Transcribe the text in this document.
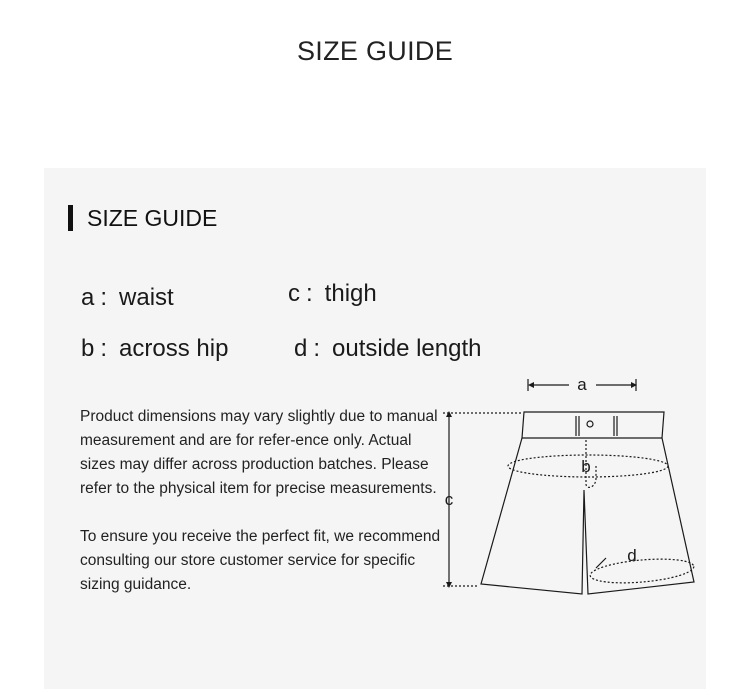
SIZE GUIDE
SIZE GUIDE
a : waist
b : across hip
c : thigh
d : outside length

Product dimensions may vary slightly due to manual measurement and are for refer-ence only. Actual sizes may differ across production batches. Please refer to the physical item for precise measurements.

To ensure you receive the perfect fit, we recommend consulting our store customer service for specific sizing guidance.

a
b
c
d
